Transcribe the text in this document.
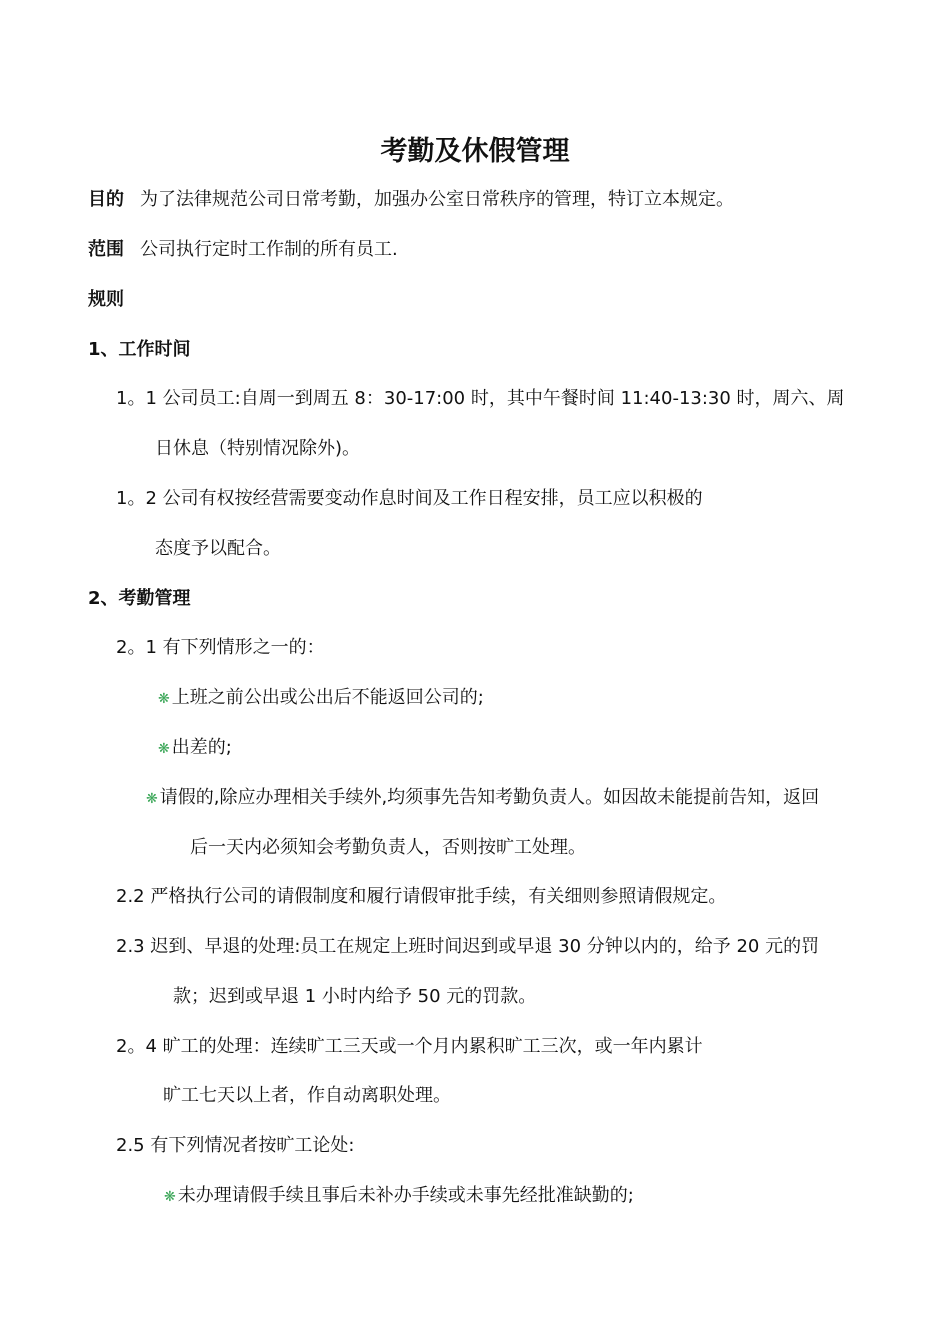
考勤及休假管理
目的 为了法律规范公司日常考勤，加强办公室日常秩序的管理，特订立本规定。
范围 公司执行定时工作制的所有员工.
规则
1、工作时间
1。1 公司员工:自周一到周五 8：30-17:00 时，其中午餐时间 11:40-13:30 时，周六、周
日休息（特别情况除外)。
1。2 公司有权按经营需要变动作息时间及工作日程安排，员工应以积极的
态度予以配合。
2、考勤管理
2。1 有下列情形之一的：
❋ 上班之前公出或公出后不能返回公司的;
❋ 出差的;
❋ 请假的,除应办理相关手续外,均须事先告知考勤负责人。如因故未能提前告知，返回
后一天内必须知会考勤负责人，否则按旷工处理。
2.2 严格执行公司的请假制度和履行请假审批手续，有关细则参照请假规定。
2.3 迟到、早退的处理:员工在规定上班时间迟到或早退 30 分钟以内的，给予 20 元的罚
款；迟到或早退 1 小时内给予 50 元的罚款。
2。4 旷工的处理：连续旷工三天或一个月内累积旷工三次，或一年内累计
旷工七天以上者，作自动离职处理。
2.5 有下列情况者按旷工论处:
❋ 未办理请假手续且事后未补办手续或未事先经批准缺勤的;
